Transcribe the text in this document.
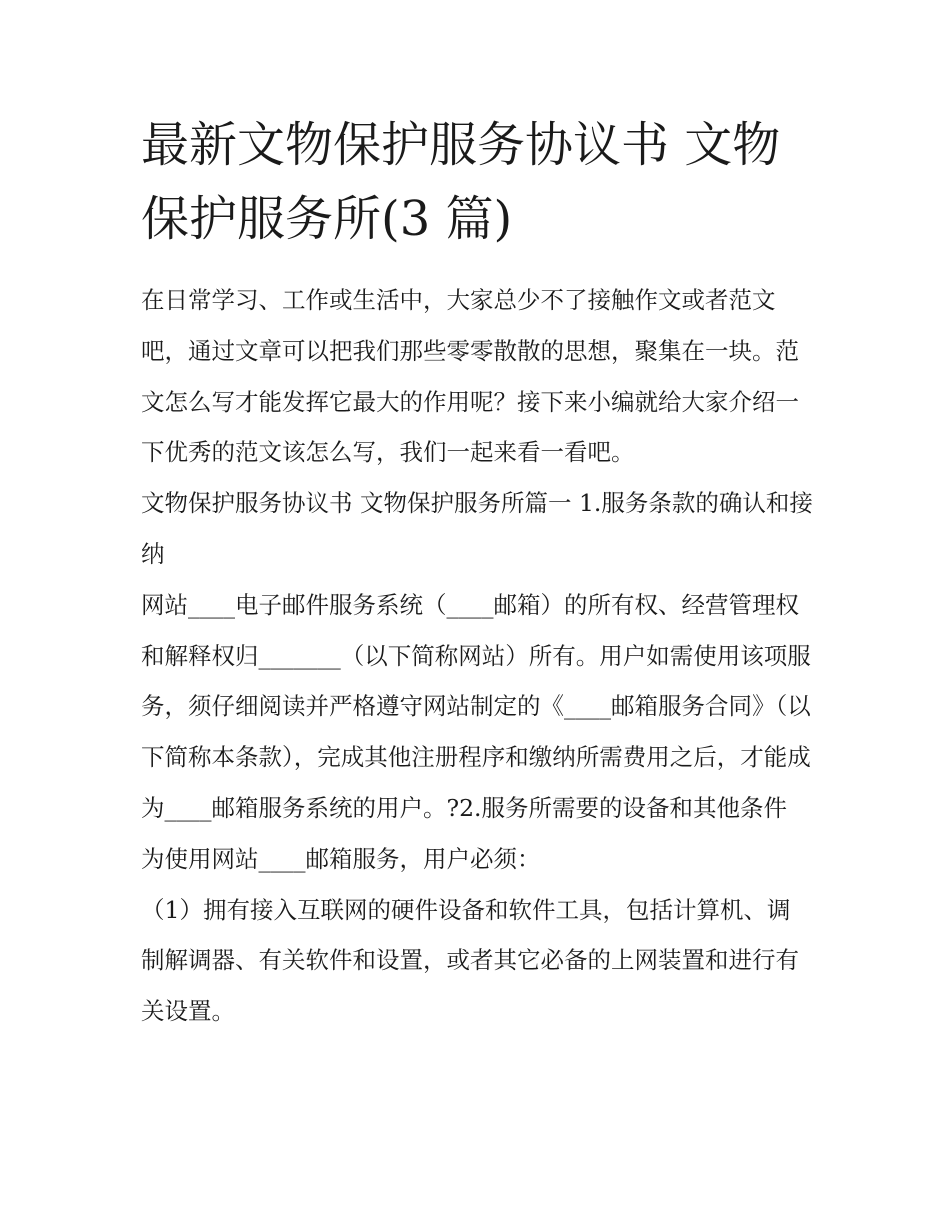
最新文物保护服务协议书 文物保护服务所(3 篇)

在日常学习、工作或生活中，大家总少不了接触作文或者范文吧，通过文章可以把我们那些零零散散的思想，聚集在一块。范文怎么写才能发挥它最大的作用呢？接下来小编就给大家介绍一下优秀的范文该怎么写，我们一起来看一看吧。

文物保护服务协议书 文物保护服务所篇一 1.服务条款的确认和接纳

网站____电子邮件服务系统（____邮箱）的所有权、经营管理权和解释权归_______（以下简称网站）所有。用户如需使用该项服务，须仔细阅读并严格遵守网站制定的《____邮箱服务合同》（以下简称本条款），完成其他注册程序和缴纳所需费用之后，才能成为____邮箱服务系统的用户。?2.服务所需要的设备和其他条件

为使用网站____邮箱服务，用户必须：

（1）拥有接入互联网的硬件设备和软件工具，包括计算机、调制解调器、有关软件和设置，或者其它必备的上网装置和进行有关设置。
